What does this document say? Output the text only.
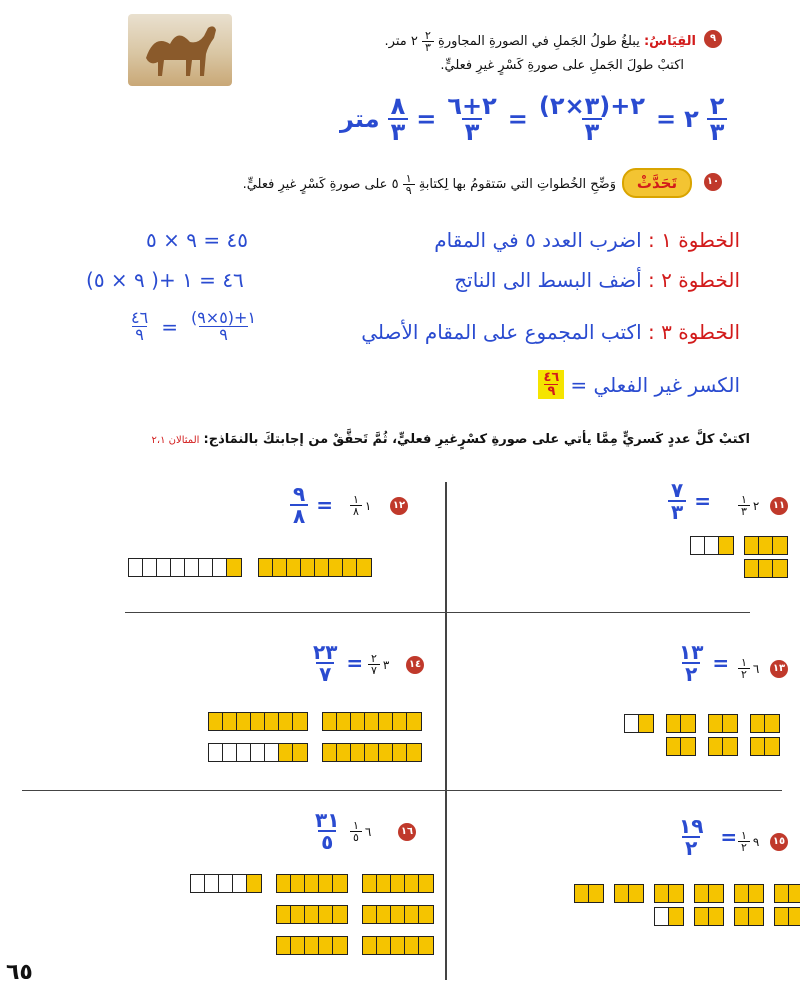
٩
القِيَاسُ: يبلغُ طولُ الجَملِ في الصورةِ المجاورةِ
$\frac{٢}{٣}$
٢ متر.
اكتبْ طولَ الجَملِ على صورةِ كَسْرٍ غيرِ فعليٍّ.
متر $\frac{٨}{٣} = \frac{٢+٦}{٣} = \frac{٢+(٣\times ٢)}{٣}$ = ٢ $\frac{٢}{٣}$
١٠
تَحَدَّثْ
وَضِّحِ الخُطواتِ التي سَتقومُ بها لِكتابةِ
$\frac{١}{٩}$
٥ على صورةِ كَسْرٍ غيرِ فعليٍّ.
الخطوة ١ : اضرب العدد ٥ في المقام
٤٥ = ٩ × ٥
الخطوة ٢ : أضف البسط الى الناتج
٤٦ = ١ +( ٩ × ٥)
الخطوة ٣ : اكتب المجموع على المقام الأصلي
$\frac{٤٦}{٩} = \frac{(٥\times ٩)+١}{٩}$
الكسر غير الفعلي =
$\frac{٤٦}{٩}$
اكتبْ كلَّ عددٍ كَسريٍّ مِمَّا يأتي على صورةِ كسْرٍغيرِ فعليٍّ، ثُمَّ تَحقَّقْ من إجابتكَ بالنمَاذج: المثالان ٢،١
١١
$\frac{١}{٣}$ ٢
$\frac{٧}{٣}$ =
١٢
$\frac{١}{٨}$ ١
$\frac{٩}{٨}$ =
١٣
$\frac{١}{٢}$ ٦
$\frac{١٣}{٢}$ =
١٤
$\frac{٢}{٧}$ ٣
$\frac{٢٣}{٧}$ =
١٥
$\frac{١}{٢}$ ٩
$\frac{١٩}{٢}$ =
١٦
$\frac{١}{٥}$ ٦
$\frac{٣١}{٥}$
٦٥
